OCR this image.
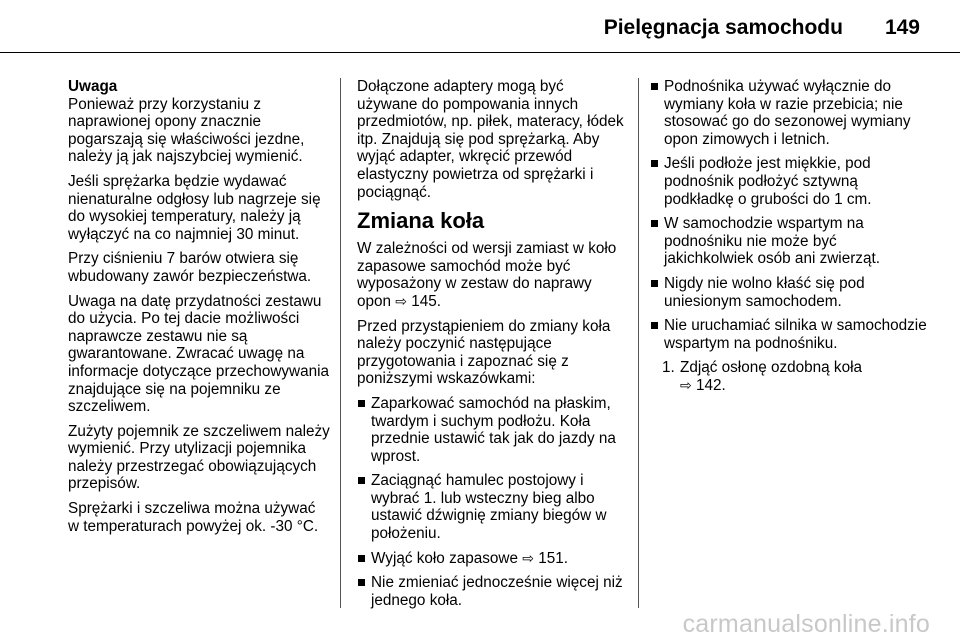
Pielęgnacja samochodu 149
Uwaga

Ponieważ przy korzystaniu z naprawionej opony znacznie pogarszają się właściwości jezdne, należy ją jak najszybciej wymienić.

Jeśli sprężarka będzie wydawać nienaturalne odgłosy lub nagrzeje się do wysokiej temperatury, należy ją wyłączyć na co najmniej 30 minut.

Przy ciśnieniu 7 barów otwiera się wbudowany zawór bezpieczeństwa.

Uwaga na datę przydatności zestawu do użycia. Po tej dacie możliwości naprawcze zestawu nie są gwarantowane. Zwracać uwagę na informacje dotyczące przechowywania znajdujące się na pojemniku ze szczeliwem.

Zużyty pojemnik ze szczeliwem należy wymienić. Przy utylizacji pojemnika należy przestrzegać obowiązujących przepisów.

Sprężarki i szczeliwa można używać w temperaturach powyżej ok. -30 °C.

Dołączone adaptery mogą być używane do pompowania innych przedmiotów, np. piłek, materacy, łódek itp. Znajdują się pod sprężarką. Aby wyjąć adapter, wkręcić przewód elastyczny powietrza od sprężarki i pociągnąć.

Zmiana koła

W zależności od wersji zamiast w koło zapasowe samochód może być wyposażony w zestaw do naprawy opon ⇨ 145.

Przed przystąpieniem do zmiany koła należy poczynić następujące przygotowania i zapoznać się z poniższymi wskazówkami:

Zaparkować samochód na płaskim, twardym i suchym podłożu. Koła przednie ustawić tak jak do jazdy na wprost.
Zaciągnąć hamulec postojowy i wybrać 1. lub wsteczny bieg albo ustawić dźwignię zmiany biegów w położeniu.
Wyjąć koło zapasowe ⇨ 151.
Nie zmieniać jednocześnie więcej niż jednego koła.
Podnośnika używać wyłącznie do wymiany koła w razie przebicia; nie stosować go do sezonowej wymiany opon zimowych i letnich.
Jeśli podłoże jest miękkie, pod podnośnik podłożyć sztywną podkładkę o grubości do 1 cm.
W samochodzie wspartym na podnośniku nie może być jakichkolwiek osób ani zwierząt.
Nigdy nie wolno kłaść się pod uniesionym samochodem.
Nie uruchamiać silnika w samochodzie wspartym na podnośniku.
1. Zdjąć osłonę ozdobną koła
⇨ 142.
carmanualsonline.info
